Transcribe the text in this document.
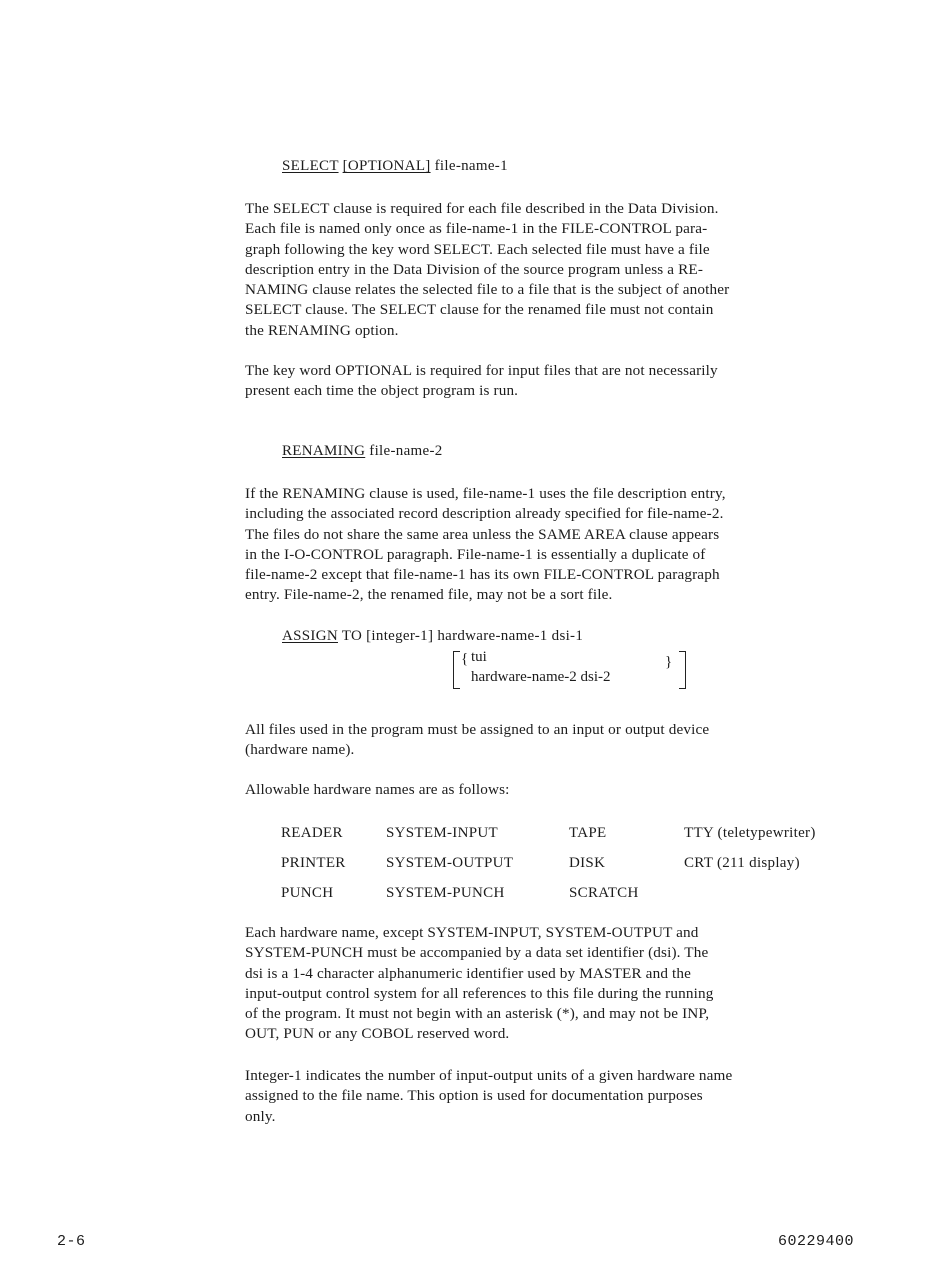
SELECT [OPTIONAL] file-name-1
The SELECT clause is required for each file described in the Data Division.
Each file is named only once as file-name-1 in the FILE-CONTROL para-
graph following the key word SELECT. Each selected file must have a file
description entry in the Data Division of the source program unless a RE-
NAMING clause relates the selected file to a file that is the subject of another
SELECT clause. The SELECT clause for the renamed file must not contain
the RENAMING option.
The key word OPTIONAL is required for input files that are not necessarily
present each time the object program is run.
RENAMING file-name-2
If the RENAMING clause is used, file-name-1 uses the file description entry,
including the associated record description already specified for file-name-2.
The files do not share the same area unless the SAME AREA clause appears
in the I-O-CONTROL paragraph. File-name-1 is essentially a duplicate of
file-name-2 except that file-name-1 has its own FILE-CONTROL paragraph
entry. File-name-2, the renamed file, may not be a sort file.
ASSIGN TO [integer-1] hardware-name-1 dsi-1
{ tui
hardware-name-2 dsi-2
}
All files used in the program must be assigned to an input or output device
(hardware name).
Allowable hardware names are as follows:
READER	SYSTEM-INPUT	TAPE	TTY (teletypewriter)
PRINTER	SYSTEM-OUTPUT	DISK	CRT (211 display)
PUNCH	SYSTEM-PUNCH	SCRATCH	
Each hardware name, except SYSTEM-INPUT, SYSTEM-OUTPUT and
SYSTEM-PUNCH must be accompanied by a data set identifier (dsi). The
dsi is a 1-4 character alphanumeric identifier used by MASTER and the
input-output control system for all references to this file during the running
of the program. It must not begin with an asterisk (*), and may not be INP,
OUT, PUN or any COBOL reserved word.
Integer-1 indicates the number of input-output units of a given hardware name
assigned to the file name. This option is used for documentation purposes
only.
2-6	60229400
